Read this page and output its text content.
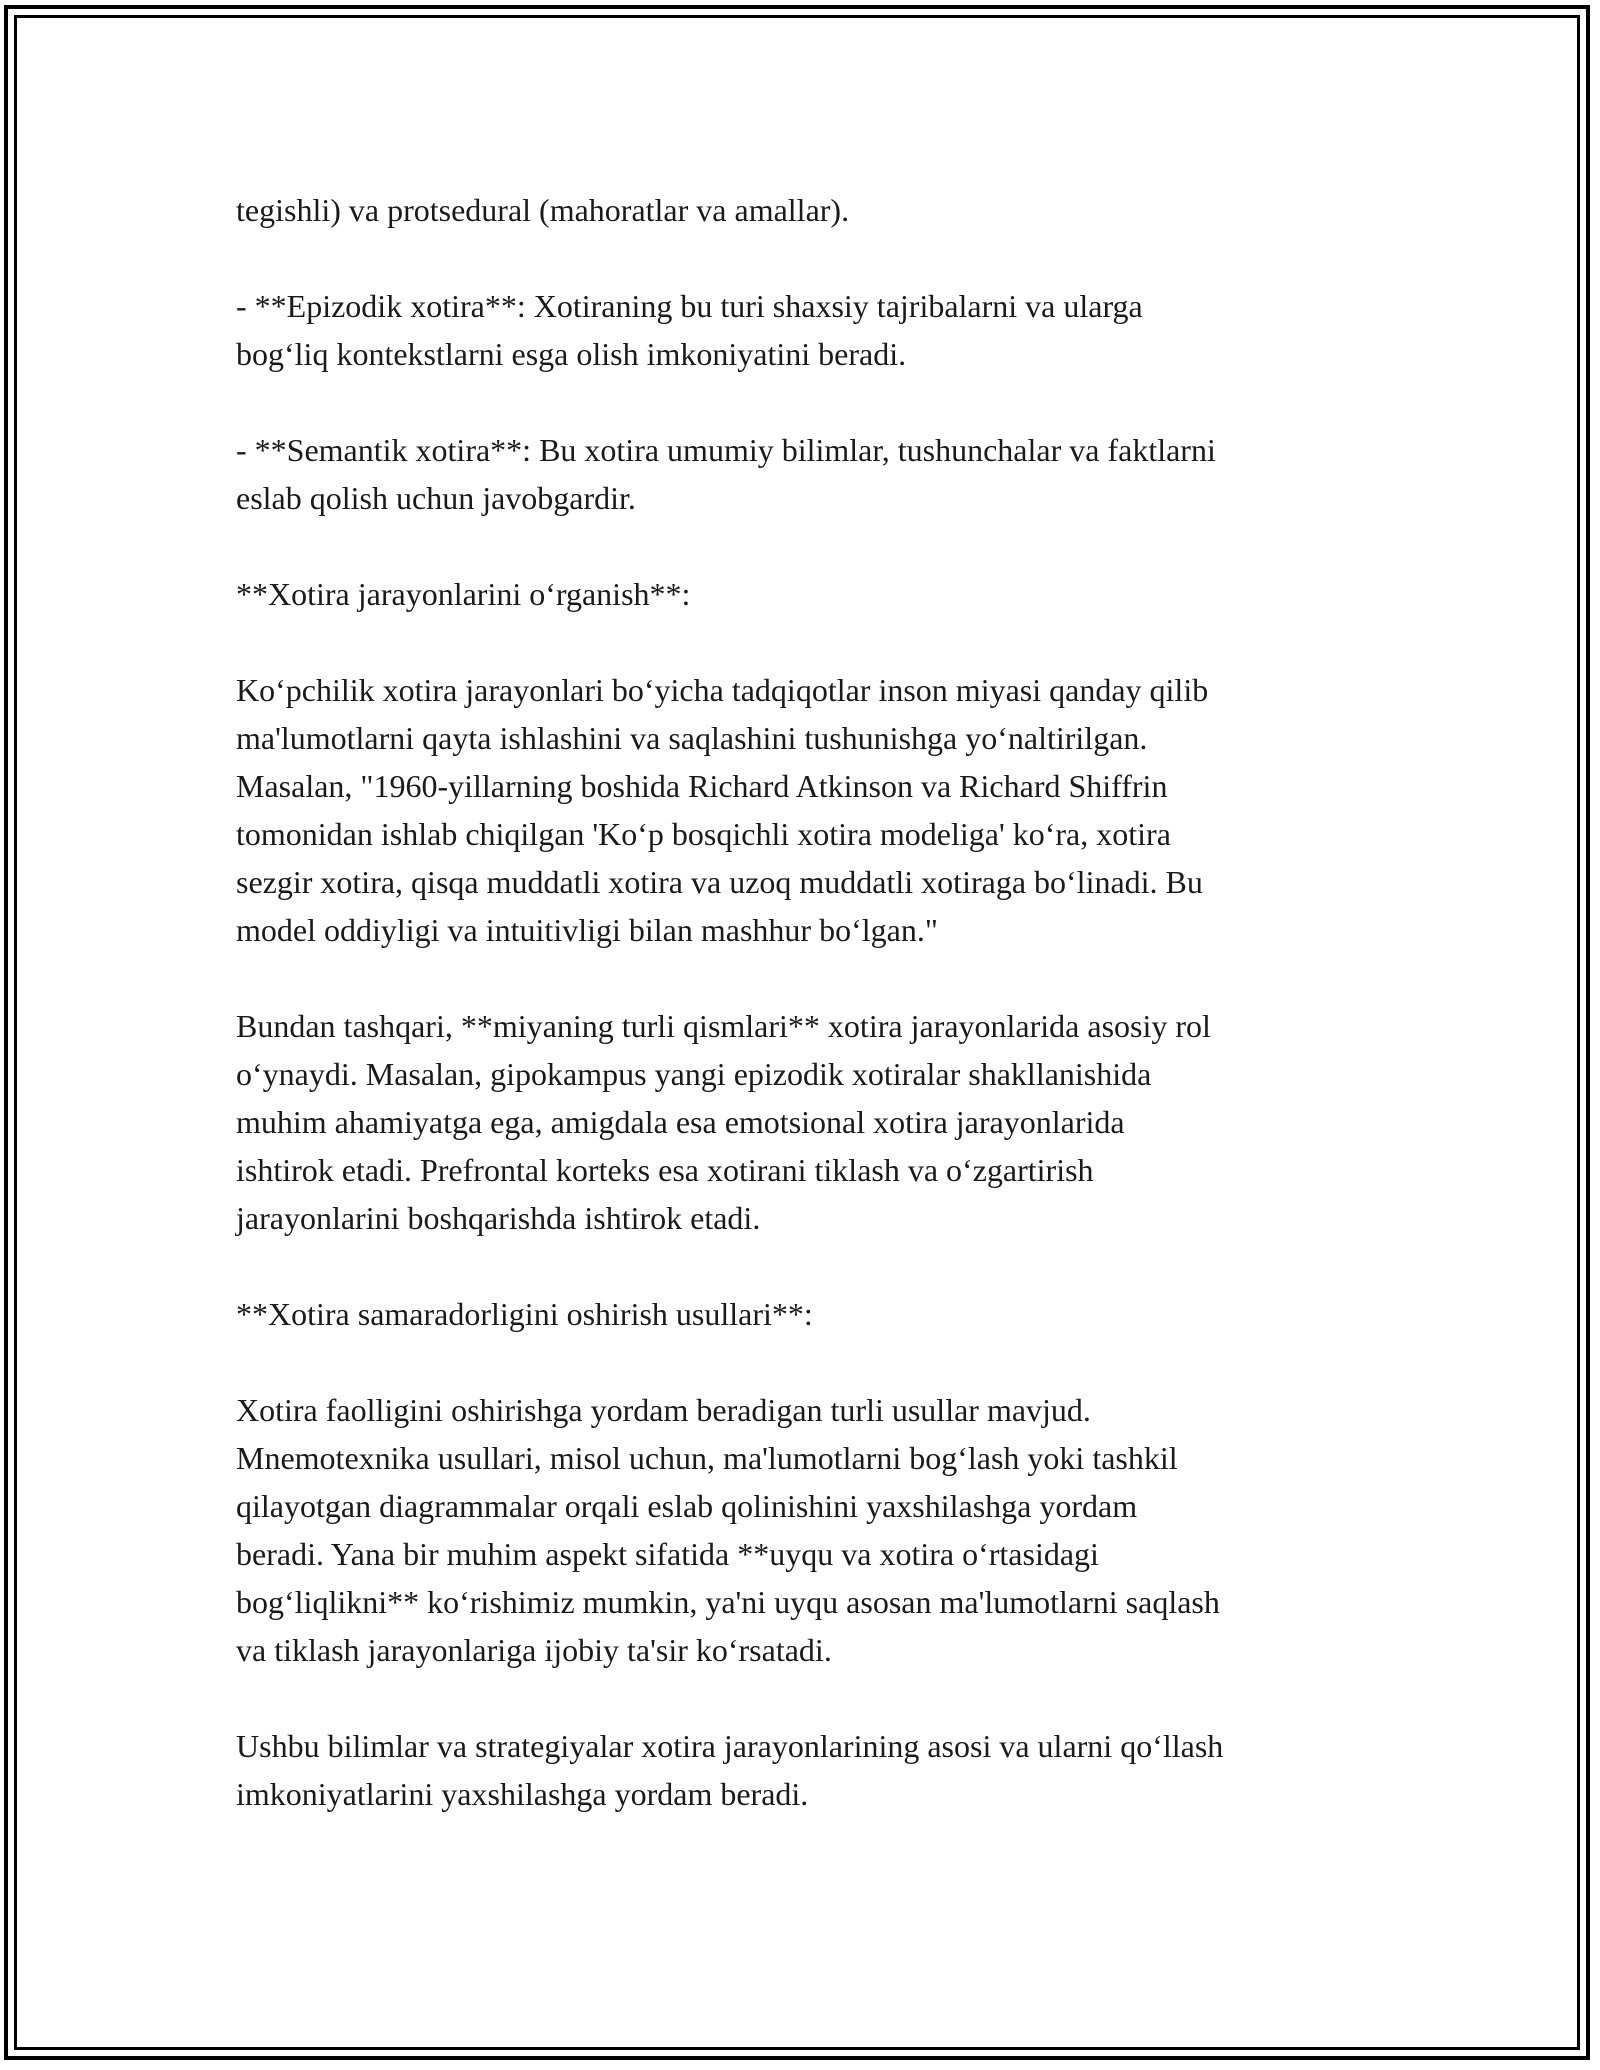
tegishli) va protsedural (mahoratlar va amallar).

- **Epizodik xotira**: Xotiraning bu turi shaxsiy tajribalarni va ularga
bog‘liq kontekstlarni esga olish imkoniyatini beradi.

- **Semantik xotira**: Bu xotira umumiy bilimlar, tushunchalar va faktlarni
eslab qolish uchun javobgardir.

**Xotira jarayonlarini o‘rganish**:

Ko‘pchilik xotira jarayonlari bo‘yicha tadqiqotlar inson miyasi qanday qilib
ma'lumotlarni qayta ishlashini va saqlashini tushunishga yo‘naltirilgan.
Masalan, "1960-yillarning boshida Richard Atkinson va Richard Shiffrin
tomonidan ishlab chiqilgan 'Ko‘p bosqichli xotira modeliga' ko‘ra, xotira
sezgir xotira, qisqa muddatli xotira va uzoq muddatli xotiraga bo‘linadi. Bu
model oddiyligi va intuitivligi bilan mashhur bo‘lgan."

Bundan tashqari, **miyaning turli qismlari** xotira jarayonlarida asosiy rol
o‘ynaydi. Masalan, gipokampus yangi epizodik xotiralar shakllanishida
muhim ahamiyatga ega, amigdala esa emotsional xotira jarayonlarida
ishtirok etadi. Prefrontal korteks esa xotirani tiklash va o‘zgartirish
jarayonlarini boshqarishda ishtirok etadi.

**Xotira samaradorligini oshirish usullari**:

Xotira faolligini oshirishga yordam beradigan turli usullar mavjud.
Mnemotexnika usullari, misol uchun, ma'lumotlarni bog‘lash yoki tashkil
qilayotgan diagrammalar orqali eslab qolinishini yaxshilashga yordam
beradi. Yana bir muhim aspekt sifatida **uyqu va xotira o‘rtasidagi
bog‘liqlikni** ko‘rishimiz mumkin, ya'ni uyqu asosan ma'lumotlarni saqlash
va tiklash jarayonlariga ijobiy ta'sir ko‘rsatadi.

Ushbu bilimlar va strategiyalar xotira jarayonlarining asosi va ularni qo‘llash
imkoniyatlarini yaxshilashga yordam beradi.
